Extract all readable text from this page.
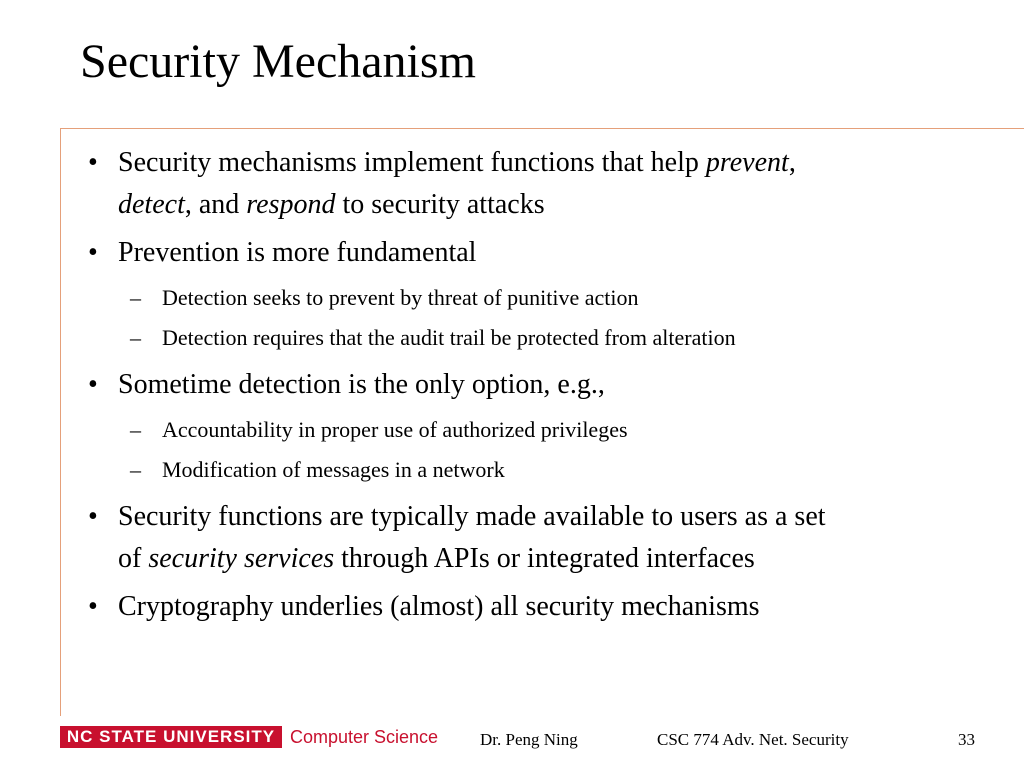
Security Mechanism
• Security mechanisms implement functions that help prevent,
detect, and respond to security attacks
• Prevention is more fundamental
– Detection seeks to prevent by threat of punitive action
– Detection requires that the audit trail be protected from alteration
• Sometime detection is the only option, e.g.,
– Accountability in proper use of authorized privileges
– Modification of messages in a network
• Security functions are typically made available to users as a set
of security services through APIs or integrated interfaces
• Cryptography underlies (almost) all security mechanisms
NC STATE UNIVERSITY Computer Science Dr. Peng Ning	CSC 774 Adv. Net. Security	33
